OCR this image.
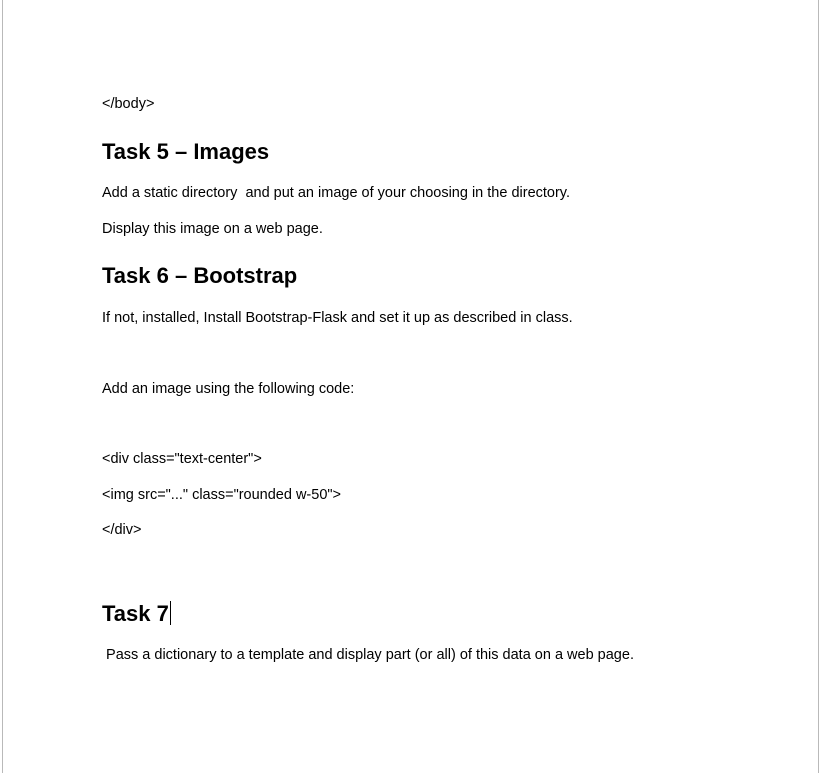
</body>

Task 5 – Images

Add a static directory  and put an image of your choosing in the directory.

Display this image on a web page.

Task 6 – Bootstrap

If not, installed, Install Bootstrap-Flask and set it up as described in class.

Add an image using the following code:

<div class="text-center">

<img src="..." class="rounded w-50">

</div>

Task 7

Pass a dictionary to a template and display part (or all) of this data on a web page.
